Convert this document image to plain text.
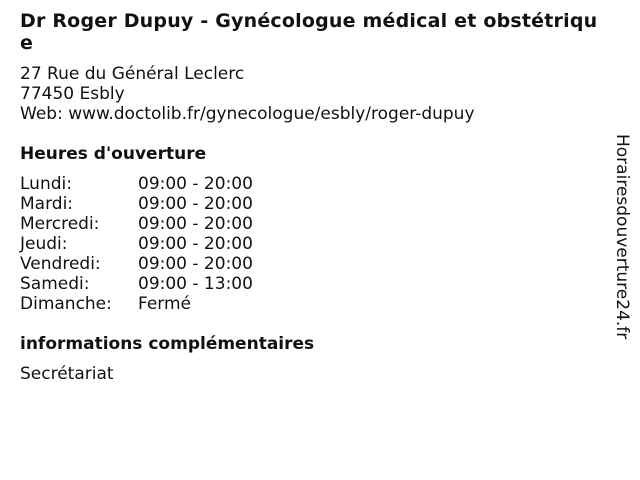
Dr Roger Dupuy - Gynécologue médical et obstétrique
27 Rue du Général Leclerc
77450 Esbly
Web: www.doctolib.fr/gynecologue/esbly/roger-dupuy
Heures d'ouverture
Lundi:	09:00 - 20:00
Mardi:	09:00 - 20:00
Mercredi:	09:00 - 20:00
Jeudi:	09:00 - 20:00
Vendredi:	09:00 - 20:00
Samedi:	09:00 - 13:00
Dimanche:	Fermé
informations complémentaires
Secrétariat
Horairesdouverture24.fr
